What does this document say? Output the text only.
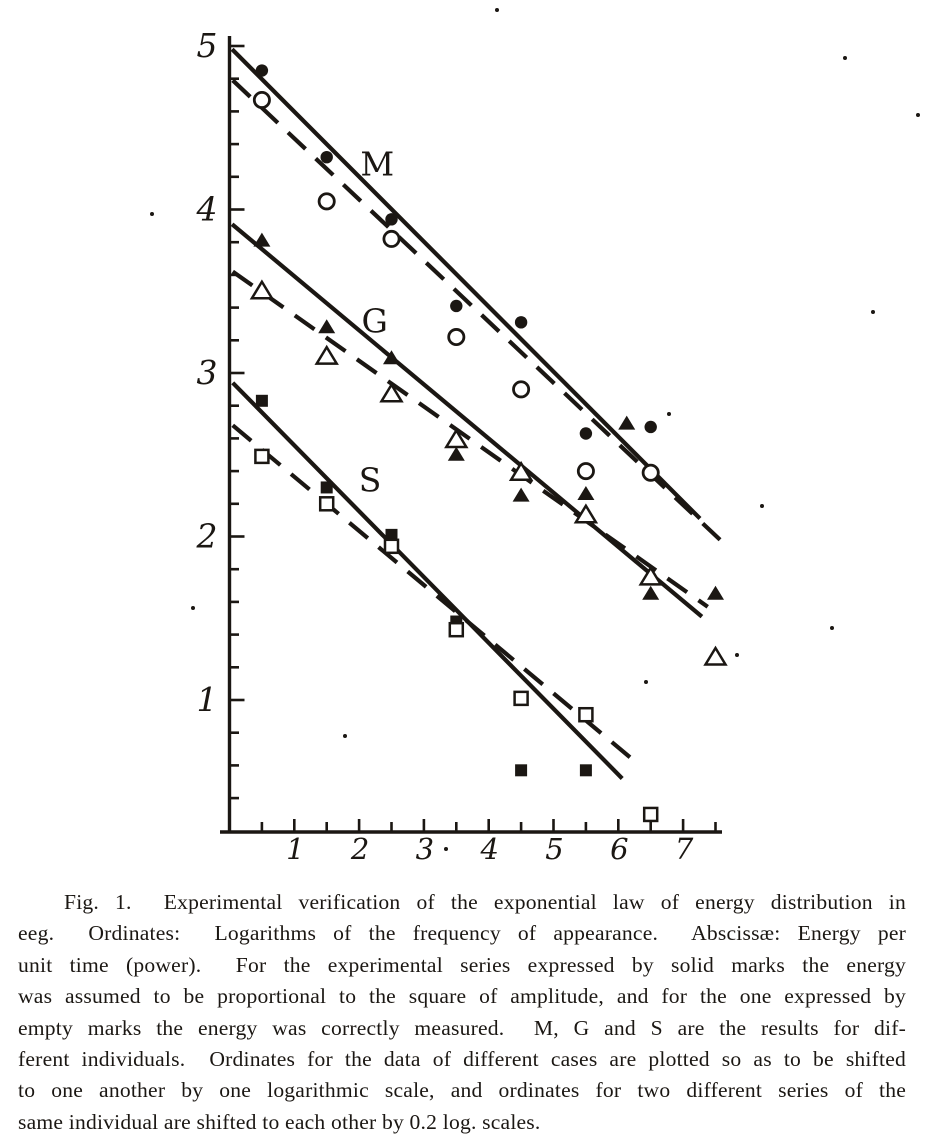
5
4
3
2
1
1 2 3 4 5 6 7
M
G
S
Fig. 1.  Experimental verification of the exponential law of energy distribution in
eeg.  Ordinates:  Logarithms of the frequency of appearance.  Abscissæ: Energy per
unit time (power).  For the experimental series expressed by solid marks the energy
was assumed to be proportional to the square of amplitude, and for the one expressed by
empty marks the energy was correctly measured.  M, G and S are the results for dif-
ferent individuals.  Ordinates for the data of different cases are plotted so as to be shifted
to one another by one logarithmic scale, and ordinates for two different series of the
same individual are shifted to each other by 0.2 log. scales.
